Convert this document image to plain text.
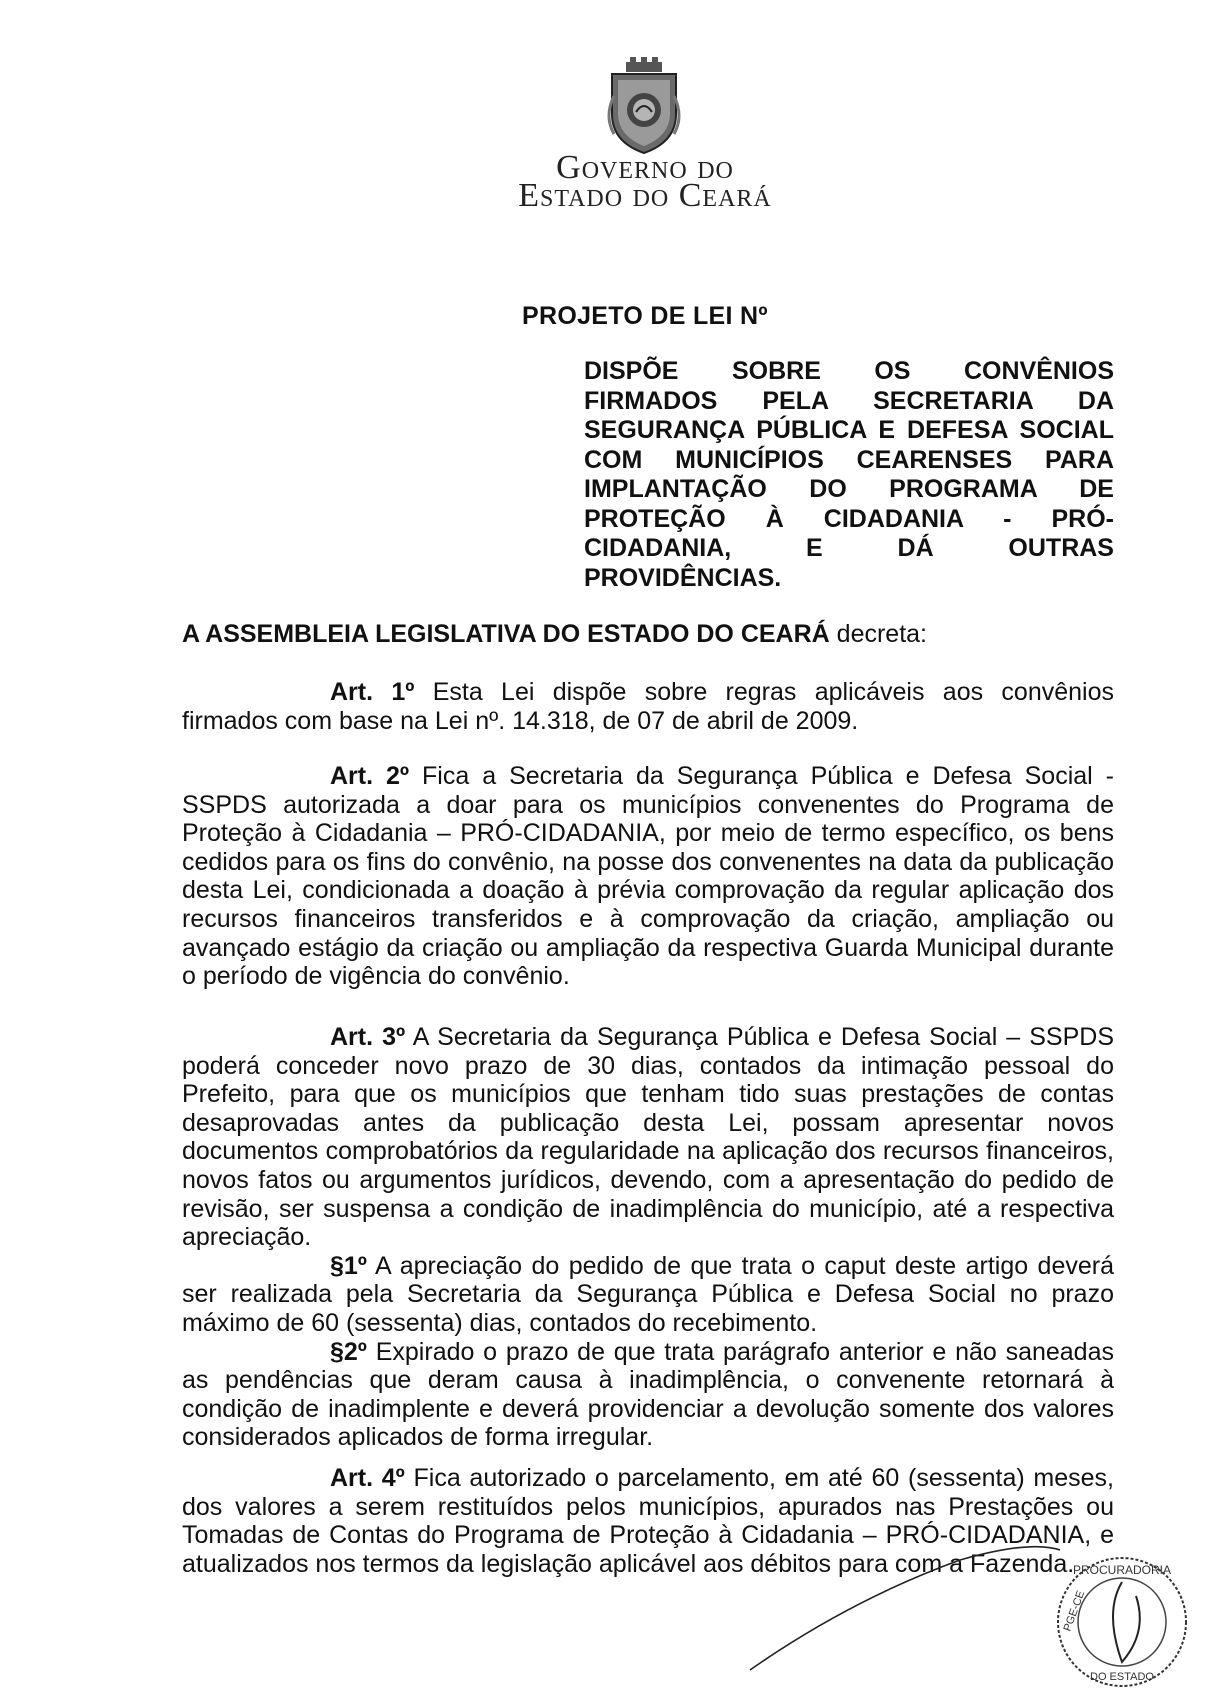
Governo do
Estado do Ceará
PROJETO DE LEI Nº
DISPÕE SOBRE OS CONVÊNIOS FIRMADOS PELA SECRETARIA DA SEGURANÇA PÚBLICA E DEFESA SOCIAL COM MUNICÍPIOS CEARENSES PARA IMPLANTAÇÃO DO PROGRAMA DE PROTEÇÃO À CIDADANIA - PRÓ-CIDADANIA, E DÁ OUTRAS PROVIDÊNCIAS.
A ASSEMBLEIA LEGISLATIVA DO ESTADO DO CEARÁ decreta:

Art. 1º Esta Lei dispõe sobre regras aplicáveis aos convênios firmados com base na Lei nº. 14.318, de 07 de abril de 2009.

Art. 2º Fica a Secretaria da Segurança Pública e Defesa Social - SSPDS autorizada a doar para os municípios convenentes do Programa de Proteção à Cidadania – PRÓ-CIDADANIA, por meio de termo específico, os bens cedidos para os fins do convênio, na posse dos convenentes na data da publicação desta Lei, condicionada a doação à prévia comprovação da regular aplicação dos recursos financeiros transferidos e à comprovação da criação, ampliação ou avançado estágio da criação ou ampliação da respectiva Guarda Municipal durante o período de vigência do convênio.

Art. 3º A Secretaria da Segurança Pública e Defesa Social – SSPDS poderá conceder novo prazo de 30 dias, contados da intimação pessoal do Prefeito, para que os municípios que tenham tido suas prestações de contas desaprovadas antes da publicação desta Lei, possam apresentar novos documentos comprobatórios da regularidade na aplicação dos recursos financeiros, novos fatos ou argumentos jurídicos, devendo, com a apresentação do pedido de revisão, ser suspensa a condição de inadimplência do município, até a respectiva apreciação.

§1º A apreciação do pedido de que trata o caput deste artigo deverá ser realizada pela Secretaria da Segurança Pública e Defesa Social no prazo máximo de 60 (sessenta) dias, contados do recebimento.

§2º Expirado o prazo de que trata parágrafo anterior e não saneadas as pendências que deram causa à inadimplência, o convenente retornará à condição de inadimplente e deverá providenciar a devolução somente dos valores considerados aplicados de forma irregular.

Art. 4º Fica autorizado o parcelamento, em até 60 (sessenta) meses, dos valores a serem restituídos pelos municípios, apurados nas Prestações ou Tomadas de Contas do Programa de Proteção à Cidadania – PRÓ-CIDADANIA, e atualizados nos termos da legislação aplicável aos débitos para com a Fazenda.

PROCURADORIA
DO ESTADO
PGE-CE
